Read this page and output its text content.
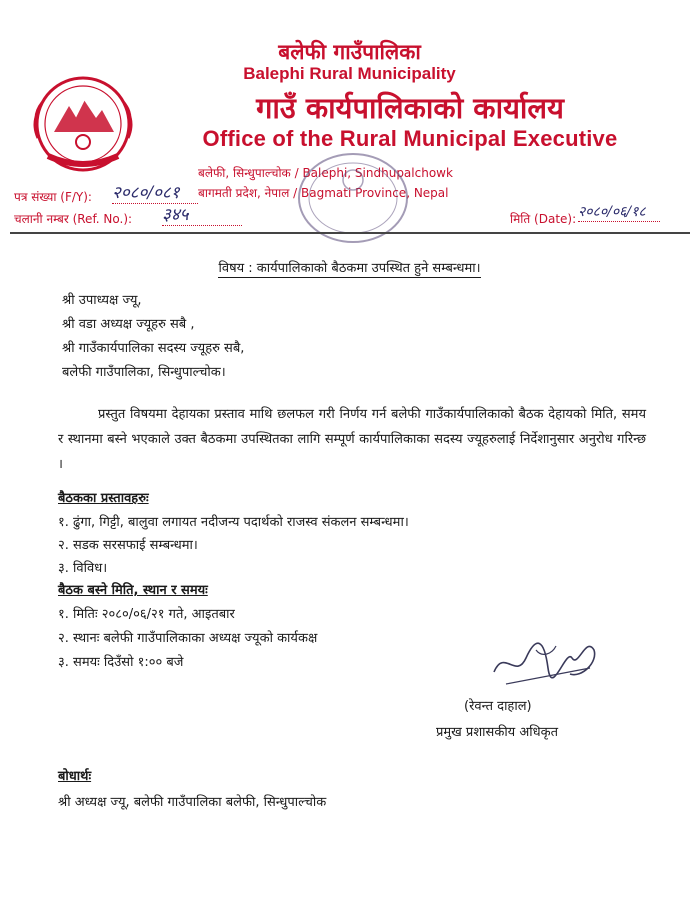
बलेफी गाउँपालिका
Balephi Rural Municipality
गाउँ कार्यपालिकाको कार्यालय
Office of the Rural Municipal Executive
बलेफी, सिन्धुपाल्चोक / Balephi, Sindhupalchowk
बागमती प्रदेश, नेपाल / Bagmati Province, Nepal
पत्र संख्या (F/Y): २०८०/०८१
चलानी नम्बर (Ref. No.): ३४५	मिति (Date): २०८०/०६/१८
विषय : कार्यपालिकाको बैठकमा उपस्थित हुने सम्बन्धमा।
श्री उपाध्यक्ष ज्यू,
श्री वडा अध्यक्ष ज्यूहरु सबै ,
श्री गाउँकार्यपालिका सदस्य ज्यूहरु सबै,
बलेफी गाउँपालिका, सिन्धुपाल्चोक।
प्रस्तुत विषयमा देहायका प्रस्ताव माथि छलफल गरी निर्णय गर्न बलेफी गाउँकार्यपालिकाको बैठक देहायको मिति, समय र स्थानमा बस्ने भएकाले उक्त बैठकमा उपस्थितका लागि सम्पूर्ण कार्यपालिकाका सदस्य ज्यूहरुलाई निर्देशानुसार अनुरोध गरिन्छ ।
बैठकका प्रस्तावहरुः
१. ढुंगा, गिट्टी, बालुवा लगायत नदीजन्य पदार्थको राजस्व संकलन सम्बन्धमा।
२. सडक सरसफाई सम्बन्धमा।
३. विविध।
बैठक बस्ने मिति, स्थान र समयः
१. मितिः २०८०/०६/२१ गते, आइतबार
२. स्थानः बलेफी गाउँपालिकाका अध्यक्ष ज्यूको कार्यकक्ष
३. समयः दिउँसो १:०० बजे
(रेवन्त दाहाल)
प्रमुख प्रशासकीय अधिकृत
बोधार्थः
श्री अध्यक्ष ज्यू, बलेफी गाउँपालिका बलेफी, सिन्धुपाल्चोक
